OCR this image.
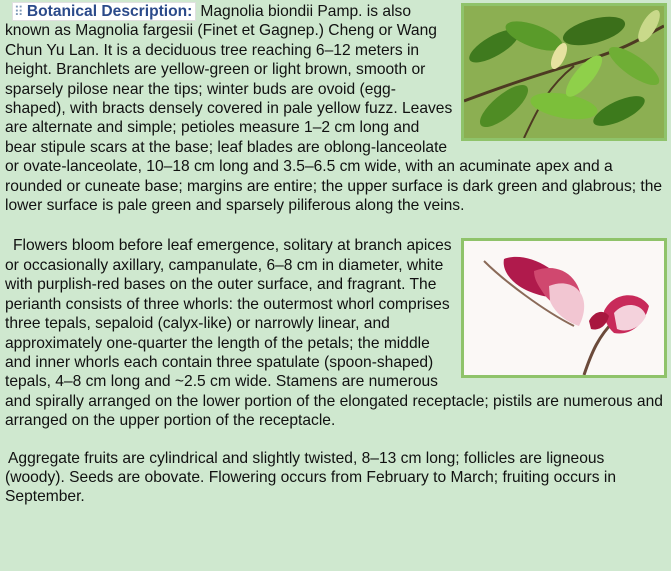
⠿ Botanical Description: Magnolia biondii Pamp. is also known as Magnolia fargesii (Finet et Gagnep.) Cheng or Wang Chun Yu Lan. It is a deciduous tree reaching 6–12 meters in height. Branchlets are yellow-green or light brown, smooth or sparsely pilose near the tips; winter buds are ovoid (egg-shaped), with bracts densely covered in pale yellow fuzz. Leaves are alternate and simple; petioles measure 1–2 cm long and bear stipule scars at the base; leaf blades are oblong-lanceolate or ovate-lanceolate, 10–18 cm long and 3.5–6.5 cm wide, with an acuminate apex and a rounded or cuneate base; margins are entire; the upper surface is dark green and glabrous; the lower surface is pale green and sparsely piliferous along the veins.

Flowers bloom before leaf emergence, solitary at branch apices or occasionally axillary, campanulate, 6–8 cm in diameter, white with purplish-red bases on the outer surface, and fragrant. The perianth consists of three whorls: the outermost whorl comprises three tepals, sepaloid (calyx-like) or narrowly linear, and approximately one-quarter the length of the petals; the middle and inner whorls each contain three spatulate (spoon-shaped) tepals, 4–8 cm long and ~2.5 cm wide. Stamens are numerous and spirally arranged on the lower portion of the elongated receptacle; pistils are numerous and arranged on the upper portion of the receptacle.

Aggregate fruits are cylindrical and slightly twisted, 8–13 cm long; follicles are ligneous (woody). Seeds are obovate. Flowering occurs from February to March; fruiting occurs in September.
